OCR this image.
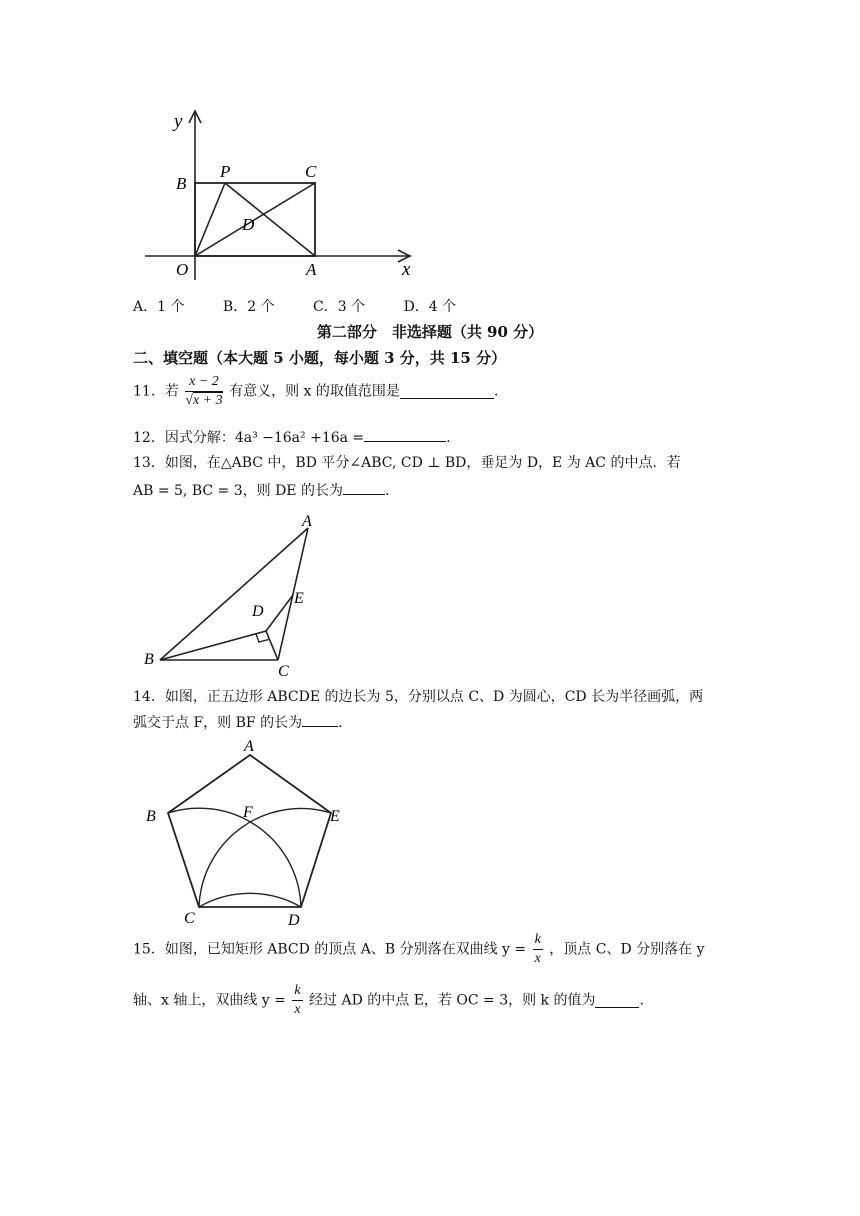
y
x
B
P	C
D
O	A
A．1 个	B．2 个	C．3 个	D．4 个
第二部分　非选择题（共 90 分）
二、填空题（本大题 5 小题，每小题 3 分，共 15 分）
11．若 $\frac{x - 2}{√x + 3}$ 有意义，则 x 的取值范围是	.
12．因式分解：4a³ −16a² +16a =	.
13．如图，在△ABC 中，BD 平分∠ABC, CD ⊥ BD，垂足为 D，E 为 AC 的中点．若
AB = 5, BC = 3，则 DE 的长为	.
A
B
C
D
E
14．如图，正五边形 ABCDE 的边长为 5，分别以点 C、D 为圆心，CD 长为半径画弧，两
弧交于点 F，则 BF 的长为	.
A
B
C	D
E
F
15．如图，已知矩形 ABCD 的顶点 A、B 分别落在双曲线 $y = \frac{k}{x}$ ，顶点 C、D 分别落在 y
轴、x 轴上，双曲线 $y = \frac{k}{x}$ 经过 AD 的中点 E，若 OC = 3，则 k 的值为	.
